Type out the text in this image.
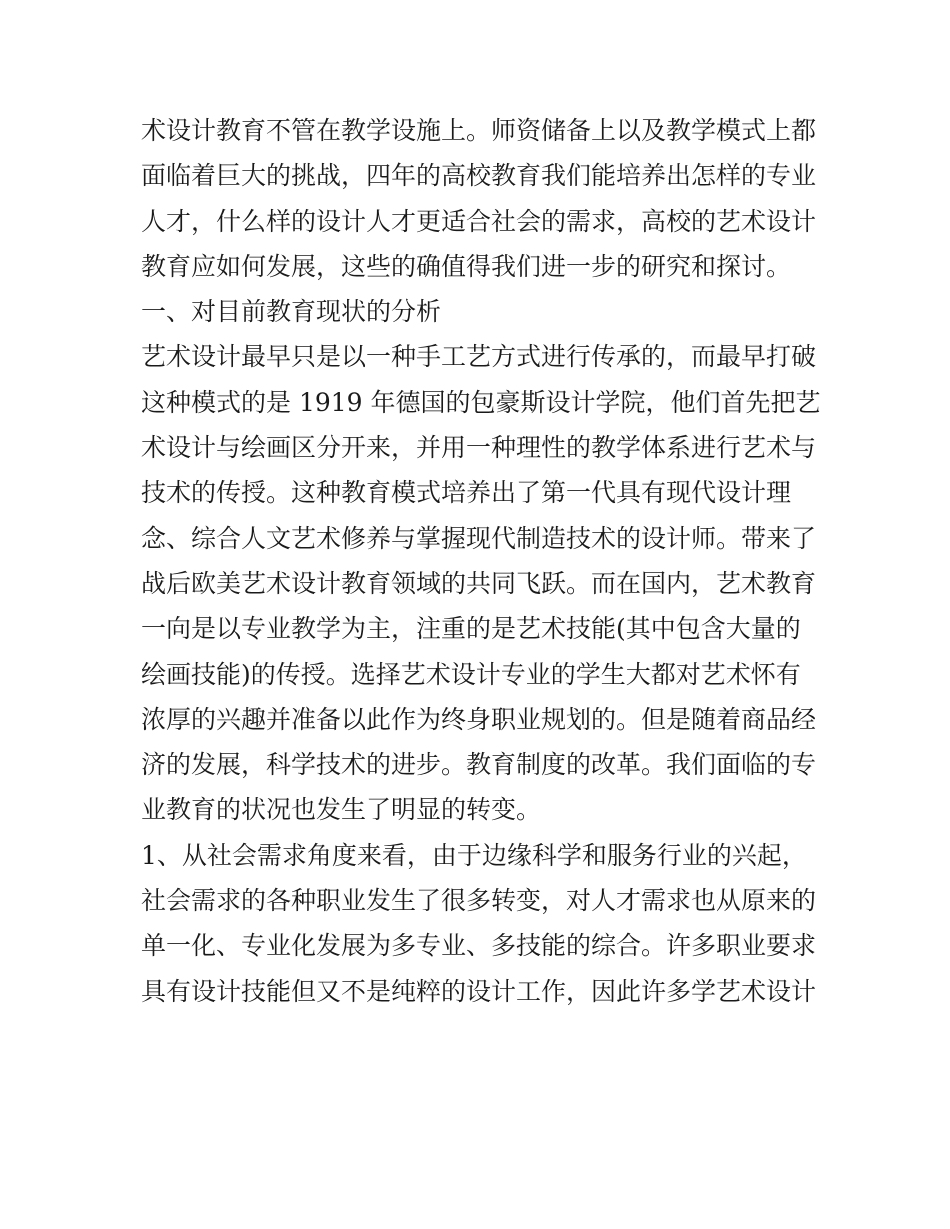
术设计教育不管在教学设施上。师资储备上以及教学模式上都
面临着巨大的挑战，四年的高校教育我们能培养出怎样的专业
人才，什么样的设计人才更适合社会的需求，高校的艺术设计
教育应如何发展，这些的确值得我们进一步的研究和探讨。
一、对目前教育现状的分析
艺术设计最早只是以一种手工艺方式进行传承的，而最早打破
这种模式的是 1919 年德国的包豪斯设计学院，他们首先把艺
术设计与绘画区分开来，并用一种理性的教学体系进行艺术与
技术的传授。这种教育模式培养出了第一代具有现代设计理
念、综合人文艺术修养与掌握现代制造技术的设计师。带来了
战后欧美艺术设计教育领域的共同飞跃。而在国内，艺术教育
一向是以专业教学为主，注重的是艺术技能(其中包含大量的
绘画技能)的传授。选择艺术设计专业的学生大都对艺术怀有
浓厚的兴趣并准备以此作为终身职业规划的。但是随着商品经
济的发展，科学技术的进步。教育制度的改革。我们面临的专
业教育的状况也发生了明显的转变。
1、从社会需求角度来看，由于边缘科学和服务行业的兴起，
社会需求的各种职业发生了很多转变，对人才需求也从原来的
单一化、专业化发展为多专业、多技能的综合。许多职业要求
具有设计技能但又不是纯粹的设计工作，因此许多学艺术设计
